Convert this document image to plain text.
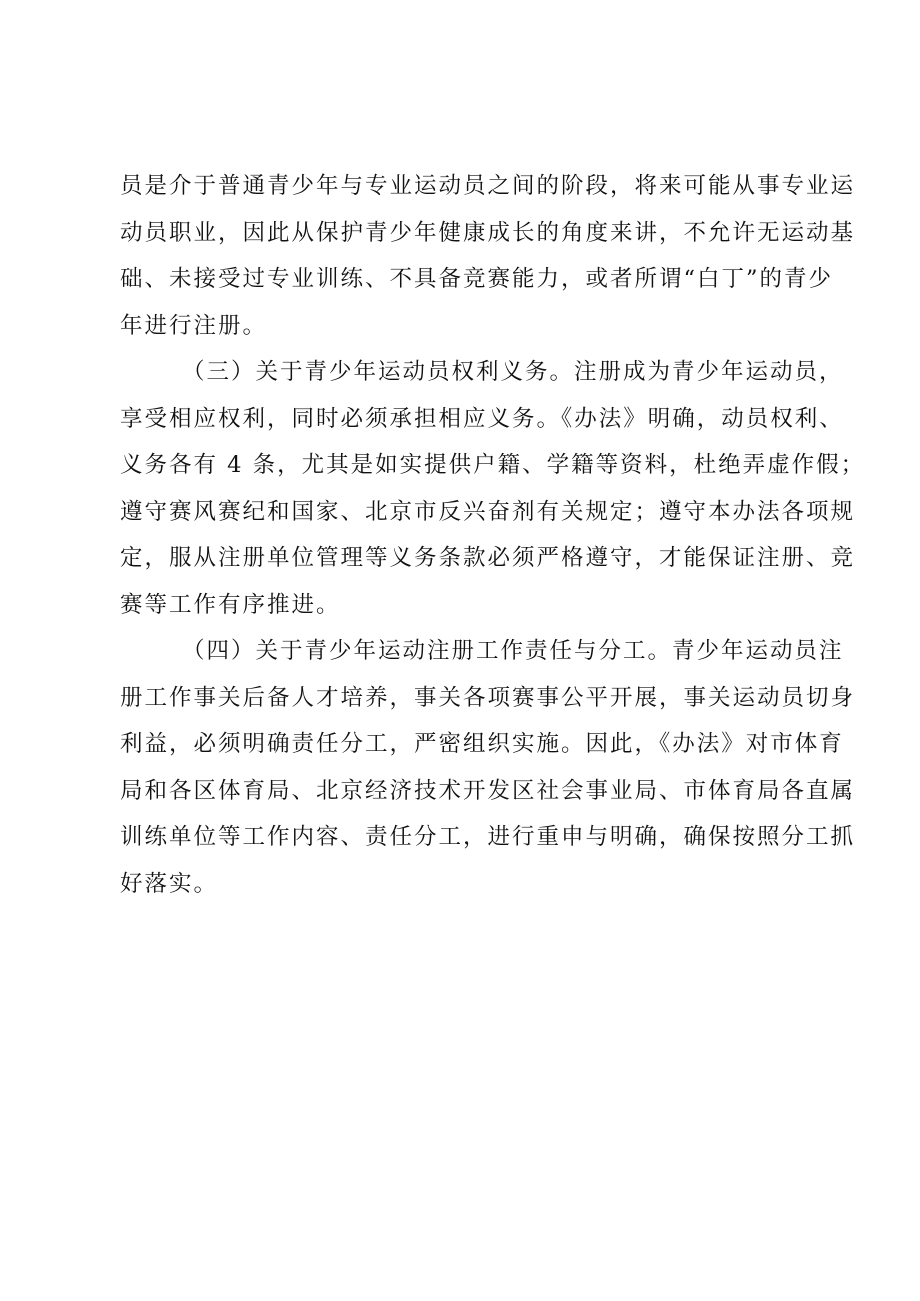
员是介于普通青少年与专业运动员之间的阶段，将来可能从事专业运
动员职业，因此从保护青少年健康成长的角度来讲，不允许无运动基
础、未接受过专业训练、不具备竞赛能力，或者所谓“白丁”的青少
年进行注册。
（三）关于青少年运动员权利义务。注册成为青少年运动员，
享受相应权利，同时必须承担相应义务。《办法》明确，动员权利、
义务各有 4 条，尤其是如实提供户籍、学籍等资料，杜绝弄虚作假；
遵守赛风赛纪和国家、北京市反兴奋剂有关规定；遵守本办法各项规
定，服从注册单位管理等义务条款必须严格遵守，才能保证注册、竞
赛等工作有序推进。
（四）关于青少年运动注册工作责任与分工。青少年运动员注
册工作事关后备人才培养，事关各项赛事公平开展，事关运动员切身
利益，必须明确责任分工，严密组织实施。因此，《办法》对市体育
局和各区体育局、北京经济技术开发区社会事业局、市体育局各直属
训练单位等工作内容、责任分工，进行重申与明确，确保按照分工抓
好落实。
